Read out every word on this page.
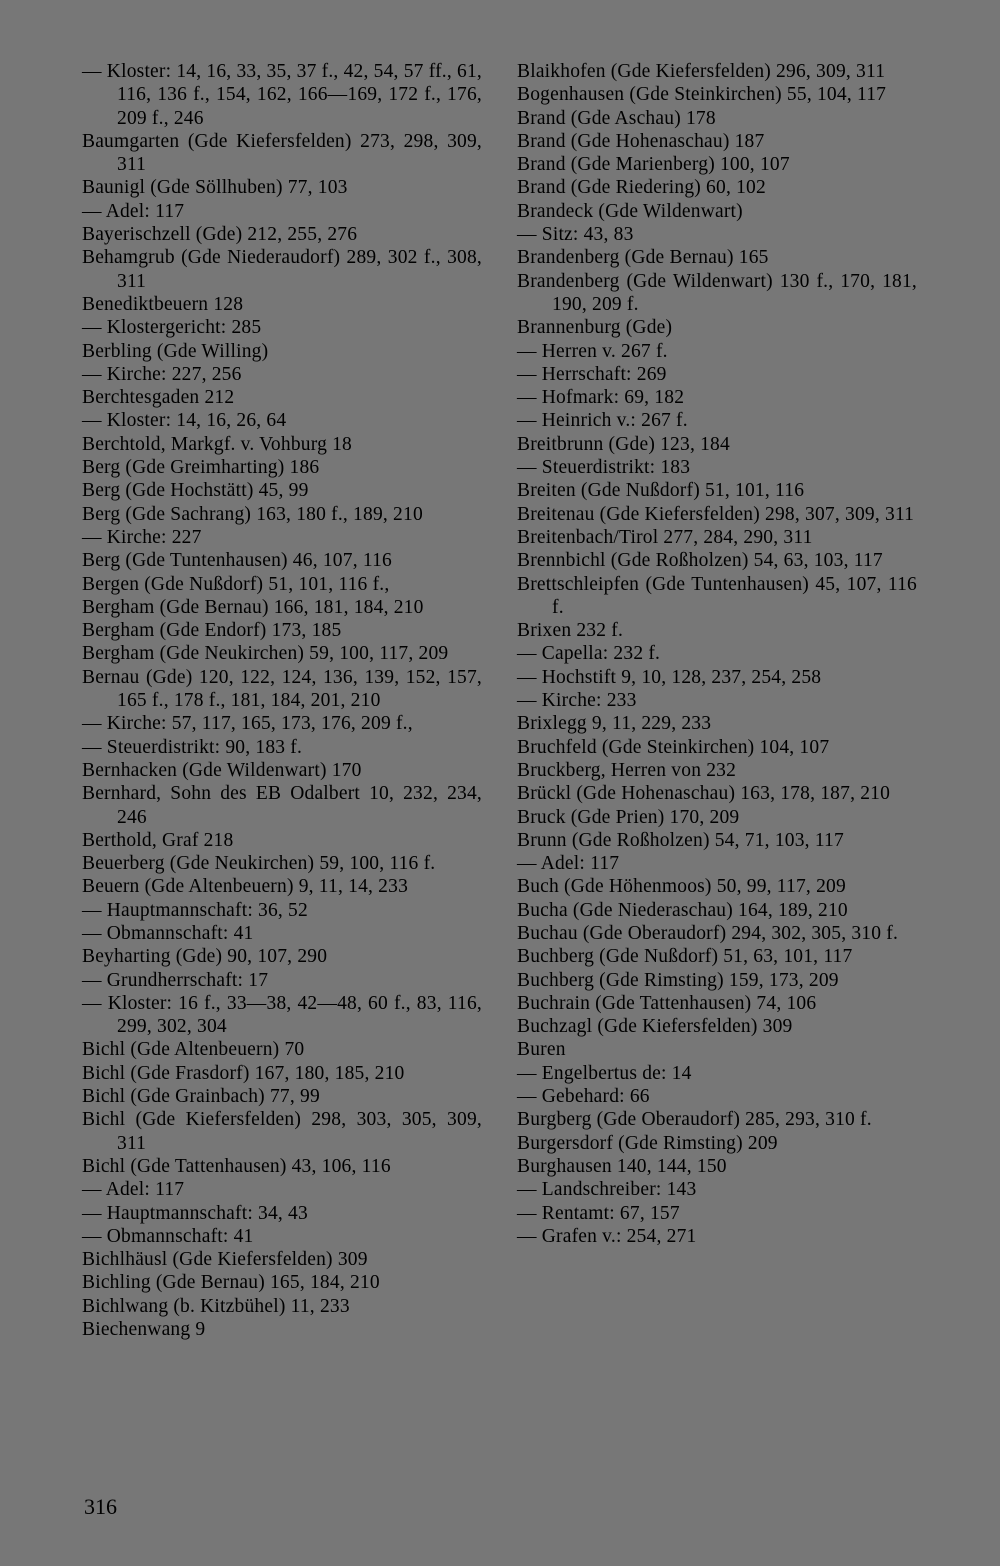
— Kloster: 14, 16, 33, 35, 37 f., 42, 54, 57 ff., 61, 116, 136 f., 154, 162, 166—169, 172 f., 176, 209 f., 246

Baumgarten (Gde Kiefersfelden) 273, 298, 309, 311

Baunigl (Gde Söllhuben) 77, 103

— Adel: 117

Bayerischzell (Gde) 212, 255, 276

Behamgrub (Gde Niederaudorf) 289, 302 f., 308, 311

Benediktbeuern 128

— Klostergericht: 285

Berbling (Gde Willing)

— Kirche: 227, 256

Berchtesgaden 212

— Kloster: 14, 16, 26, 64

Berchtold, Markgf. v. Vohburg 18

Berg (Gde Greimharting) 186

Berg (Gde Hochstätt) 45, 99

Berg (Gde Sachrang) 163, 180 f., 189, 210

— Kirche: 227

Berg (Gde Tuntenhausen) 46, 107, 116

Bergen (Gde Nußdorf) 51, 101, 116 f.,

Bergham (Gde Bernau) 166, 181, 184, 210

Bergham (Gde Endorf) 173, 185

Bergham (Gde Neukirchen) 59, 100, 117, 209

Bernau (Gde) 120, 122, 124, 136, 139, 152, 157, 165 f., 178 f., 181, 184, 201, 210

— Kirche: 57, 117, 165, 173, 176, 209 f.,

— Steuerdistrikt: 90, 183 f.

Bernhacken (Gde Wildenwart) 170

Bernhard, Sohn des EB Odalbert 10, 232, 234, 246

Berthold, Graf 218

Beuerberg (Gde Neukirchen) 59, 100, 116 f.

Beuern (Gde Altenbeuern) 9, 11, 14, 233

— Hauptmannschaft: 36, 52

— Obmannschaft: 41

Beyharting (Gde) 90, 107, 290

— Grundherrschaft: 17

— Kloster: 16 f., 33—38, 42—48, 60 f., 83, 116, 299, 302, 304

Bichl (Gde Altenbeuern) 70

Bichl (Gde Frasdorf) 167, 180, 185, 210

Bichl (Gde Grainbach) 77, 99

Bichl (Gde Kiefersfelden) 298, 303, 305, 309, 311

Bichl (Gde Tattenhausen) 43, 106, 116

— Adel: 117

— Hauptmannschaft: 34, 43

— Obmannschaft: 41

Bichlhäusl (Gde Kiefersfelden) 309

Bichling (Gde Bernau) 165, 184, 210

Bichlwang (b. Kitzbühel) 11, 233

Biechenwang 9

Blaikhofen (Gde Kiefersfelden) 296, 309, 311

Bogenhausen (Gde Steinkirchen) 55, 104, 117

Brand (Gde Aschau) 178

Brand (Gde Hohenaschau) 187

Brand (Gde Marienberg) 100, 107

Brand (Gde Riedering) 60, 102

Brandeck (Gde Wildenwart)

— Sitz: 43, 83

Brandenberg (Gde Bernau) 165

Brandenberg (Gde Wildenwart) 130 f., 170, 181, 190, 209 f.

Brannenburg (Gde)

— Herren v. 267 f.

— Herrschaft: 269

— Hofmark: 69, 182

— Heinrich v.: 267 f.

Breitbrunn (Gde) 123, 184

— Steuerdistrikt: 183

Breiten (Gde Nußdorf) 51, 101, 116

Breitenau (Gde Kiefersfelden) 298, 307, 309, 311

Breitenbach/Tirol 277, 284, 290, 311

Brennbichl (Gde Roßholzen) 54, 63, 103, 117

Brettschleipfen (Gde Tuntenhausen) 45, 107, 116 f.

Brixen 232 f.

— Capella: 232 f.

— Hochstift 9, 10, 128, 237, 254, 258

— Kirche: 233

Brixlegg 9, 11, 229, 233

Bruchfeld (Gde Steinkirchen) 104, 107

Bruckberg, Herren von 232

Brückl (Gde Hohenaschau) 163, 178, 187, 210

Bruck (Gde Prien) 170, 209

Brunn (Gde Roßholzen) 54, 71, 103, 117

— Adel: 117

Buch (Gde Höhenmoos) 50, 99, 117, 209

Bucha (Gde Niederaschau) 164, 189, 210

Buchau (Gde Oberaudorf) 294, 302, 305, 310 f.

Buchberg (Gde Nußdorf) 51, 63, 101, 117

Buchberg (Gde Rimsting) 159, 173, 209

Buchrain (Gde Tattenhausen) 74, 106

Buchzagl (Gde Kiefersfelden) 309

Buren

— Engelbertus de: 14

— Gebehard: 66

Burgberg (Gde Oberaudorf) 285, 293, 310 f.

Burgersdorf (Gde Rimsting) 209

Burghausen 140, 144, 150

— Landschreiber: 143

— Rentamt: 67, 157

— Grafen v.: 254, 271

316
